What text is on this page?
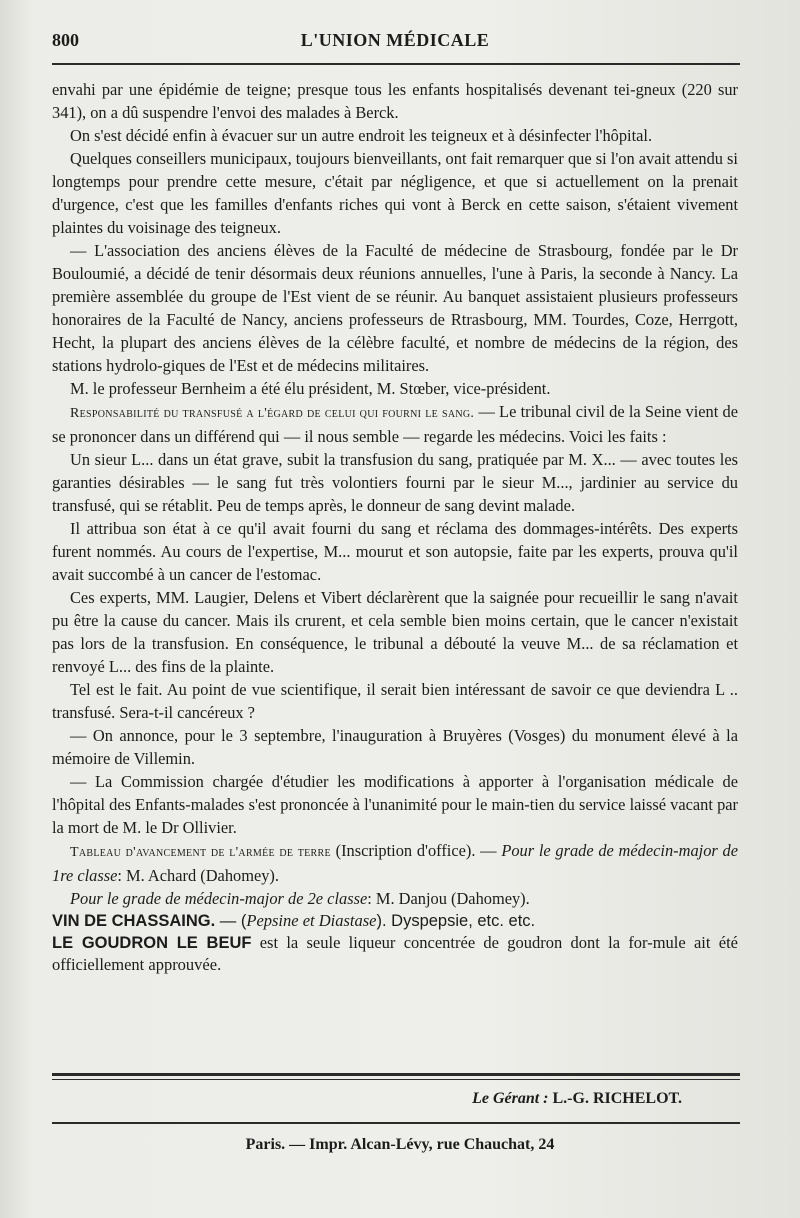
800	L'UNION MÉDICALE

envahi par une épidémie de teigne; presque tous les enfants hospitalisés devenant tei-gneux (220 sur 341), on a dû suspendre l'envoi des malades à Berck.

On s'est décidé enfin à évacuer sur un autre endroit les teigneux et à désinfecter l'hôpital.

Quelques conseillers municipaux, toujours bienveillants, ont fait remarquer que si l'on avait attendu si longtemps pour prendre cette mesure, c'était par négligence, et que si actuellement on la prenait d'urgence, c'est que les familles d'enfants riches qui vont à Berck en cette saison, s'étaient vivement plaintes du voisinage des teigneux.

— L'association des anciens élèves de la Faculté de médecine de Strasbourg, fondée par le Dr Bouloumié, a décidé de tenir désormais deux réunions annuelles, l'une à Paris, la seconde à Nancy. La première assemblée du groupe de l'Est vient de se réunir. Au banquet assistaient plusieurs professeurs honoraires de la Faculté de Nancy, anciens professeurs de Rtrasbourg, MM. Tourdes, Coze, Herrgott, Hecht, la plupart des anciens élèves de la célèbre faculté, et nombre de médecins de la région, des stations hydrolo-giques de l'Est et de médecins militaires.

M. le professeur Bernheim a été élu président, M. Stœber, vice-président.

Responsabilité du transfusé a l'égard de celui qui fourni le sang. — Le tribunal civil de la Seine vient de se prononcer dans un différend qui — il nous semble — regarde les médecins. Voici les faits :

Un sieur L... dans un état grave, subit la transfusion du sang, pratiquée par M. X... — avec toutes les garanties désirables — le sang fut très volontiers fourni par le sieur M..., jardinier au service du transfusé, qui se rétablit. Peu de temps après, le donneur de sang devint malade.

Il attribua son état à ce qu'il avait fourni du sang et réclama des dommages-intérêts. Des experts furent nommés. Au cours de l'expertise, M... mourut et son autopsie, faite par les experts, prouva qu'il avait succombé à un cancer de l'estomac.

Ces experts, MM. Laugier, Delens et Vibert déclarèrent que la saignée pour recueillir le sang n'avait pu être la cause du cancer. Mais ils crurent, et cela semble bien moins certain, que le cancer n'existait pas lors de la transfusion. En conséquence, le tribunal a débouté la veuve M... de sa réclamation et renvoyé L... des fins de la plainte.

Tel est le fait. Au point de vue scientifique, il serait bien intéressant de savoir ce que deviendra L .. transfusé. Sera-t-il cancéreux ?

— On annonce, pour le 3 septembre, l'inauguration à Bruyères (Vosges) du monument élevé à la mémoire de Villemin.

— La Commission chargée d'étudier les modifications à apporter à l'organisation médicale de l'hôpital des Enfants-malades s'est prononcée à l'unanimité pour le main-tien du service laissé vacant par la mort de M. le Dr Ollivier.

Tableau d'avancement de l'armée de terre (Inscription d'office). — Pour le grade de médecin-major de 1re classe: M. Achard (Dahomey).

Pour le grade de médecin-major de 2e classe: M. Danjou (Dahomey).

VIN DE CHASSAING. — (Pepsine et Diastase). Dyspepsie, etc. etc.

LE GOUDRON LE BEUF est la seule liqueur concentrée de goudron dont la for-mule ait été officiellement approuvée.

Le Gérant : L.-G. RICHELOT.
Paris. — Impr. Alcan-Lévy, rue Chauchat, 24
